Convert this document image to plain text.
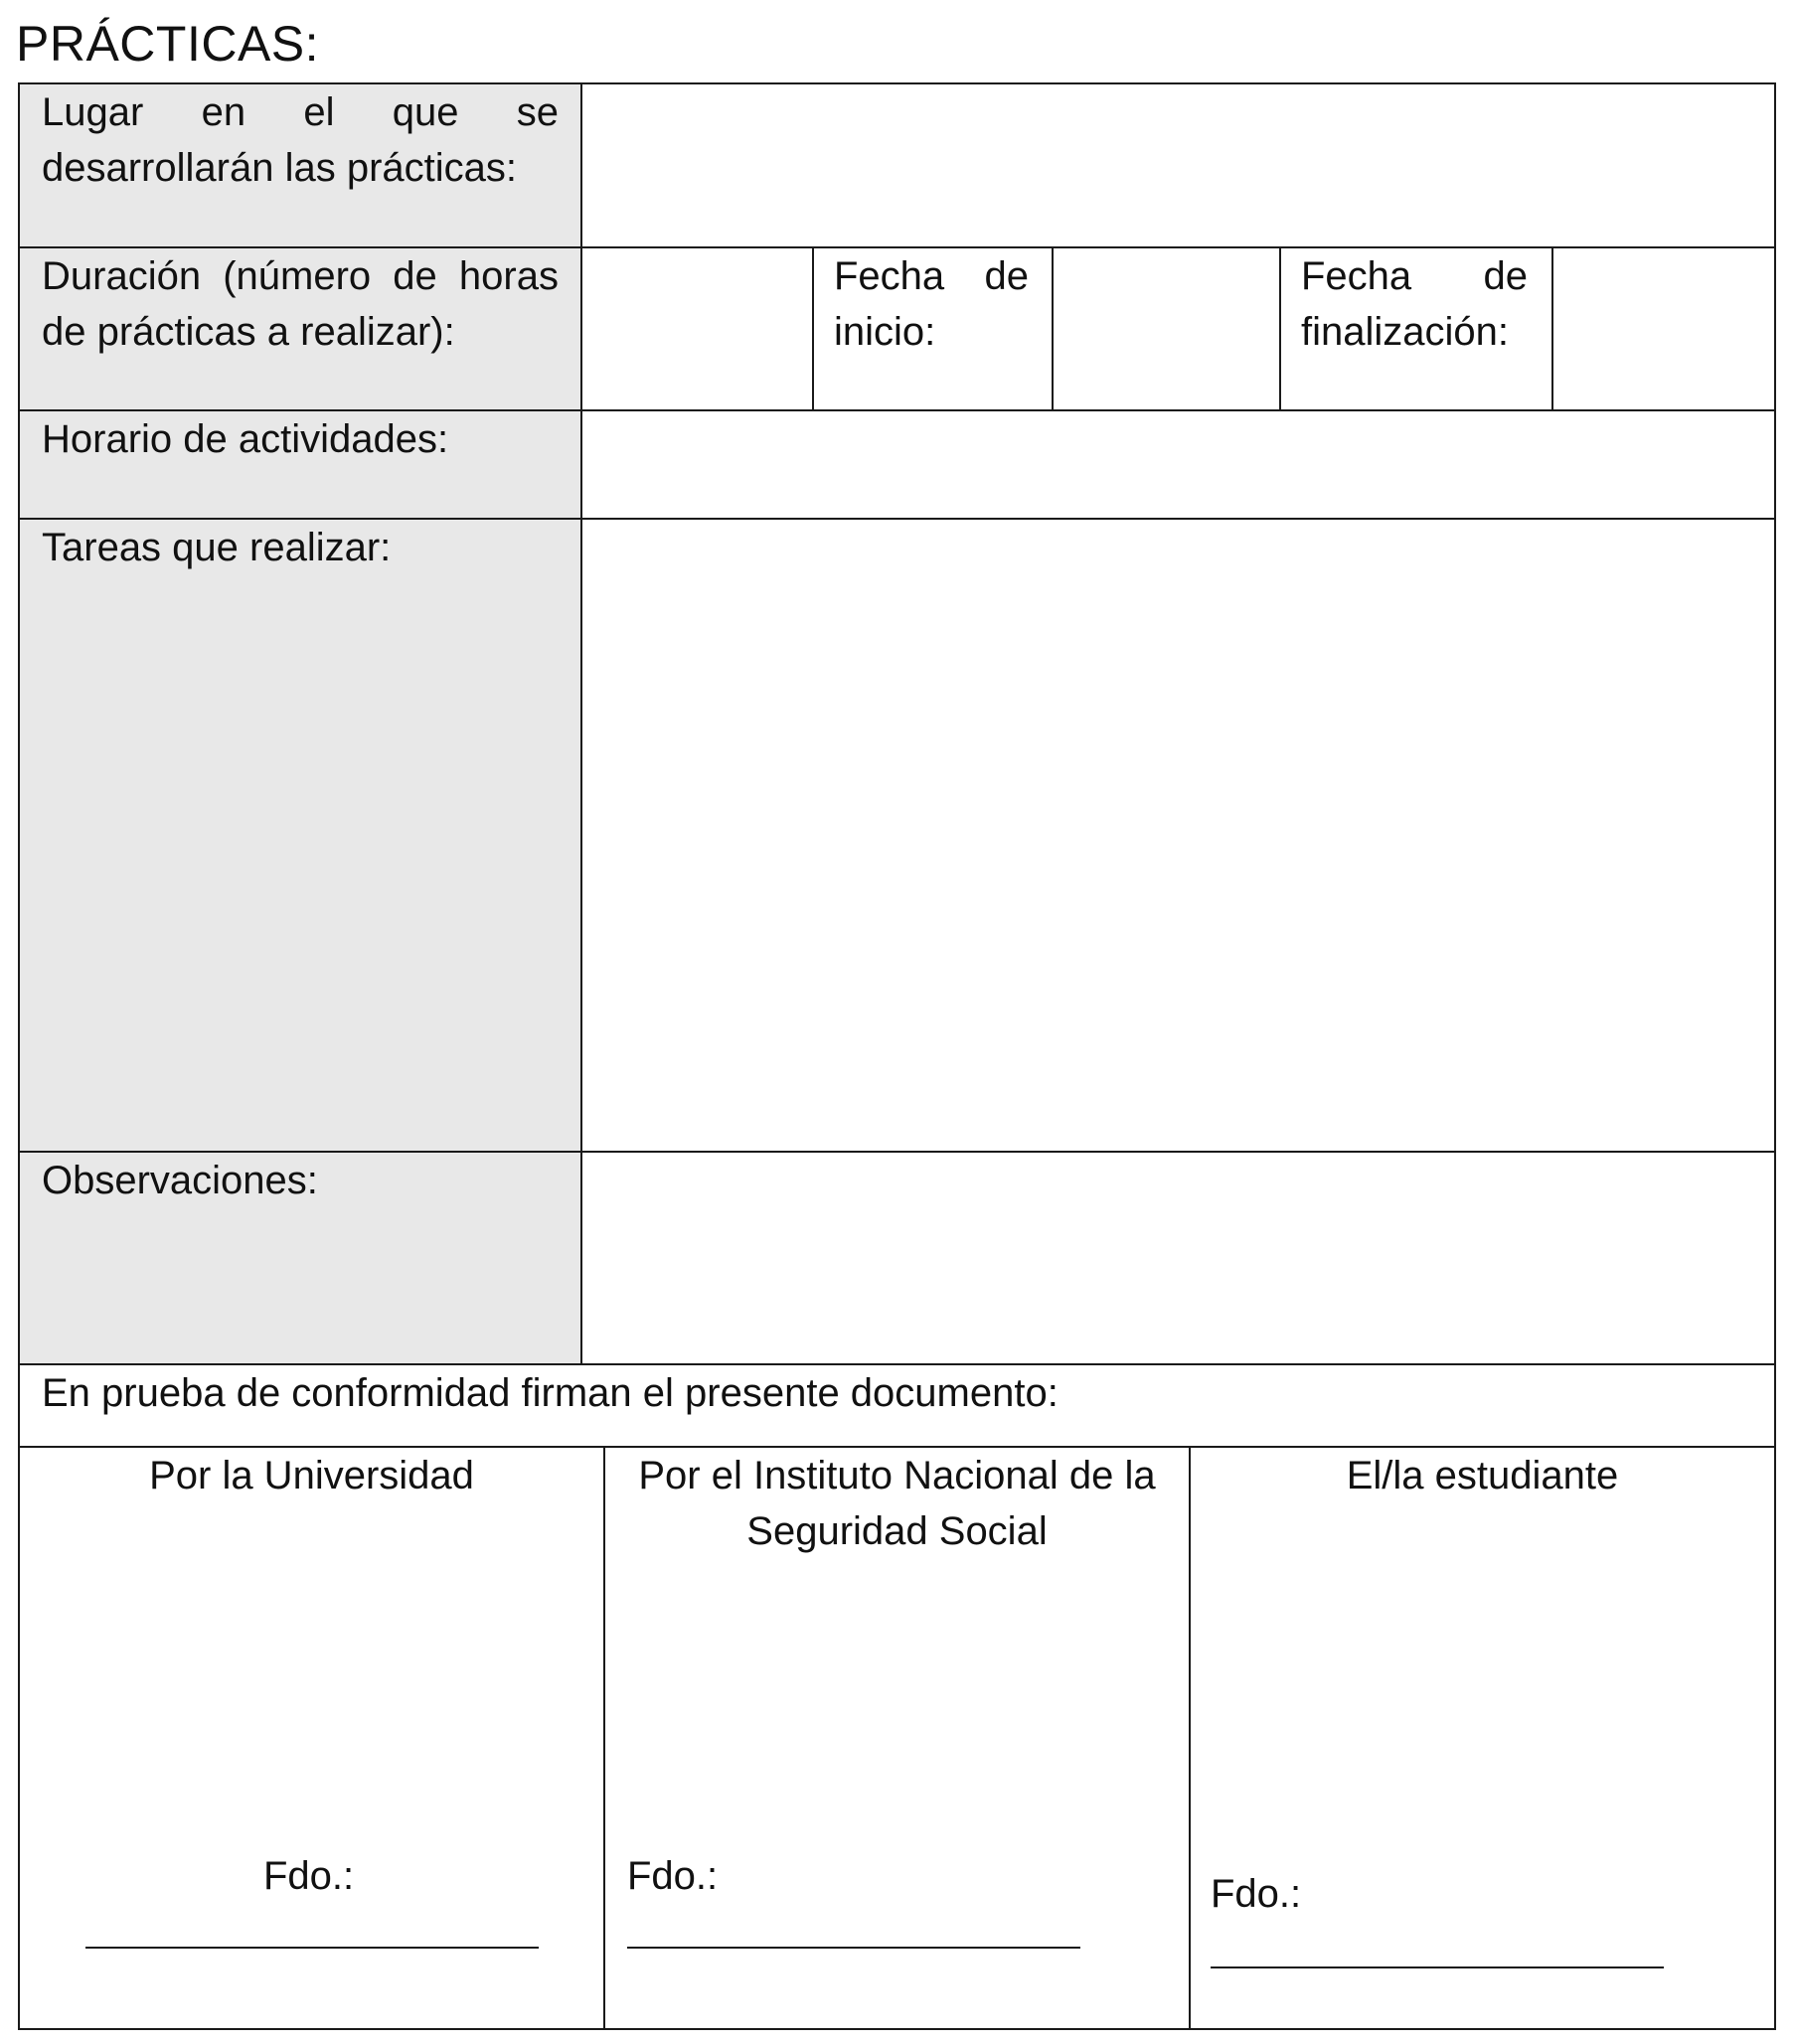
PRÁCTICAS:
Lugar en el que se desarrollarán las prácticas:
Duración (número de horas de prácticas a realizar):
Fecha de inicio:
Fecha de finalización:
Horario de actividades:
Tareas que realizar:
Observaciones:
En prueba de conformidad firman el presente documento:
Por la Universidad
Fdo.:
Por el Instituto Nacional de la Seguridad Social
Fdo.:
El/la estudiante
Fdo.:
